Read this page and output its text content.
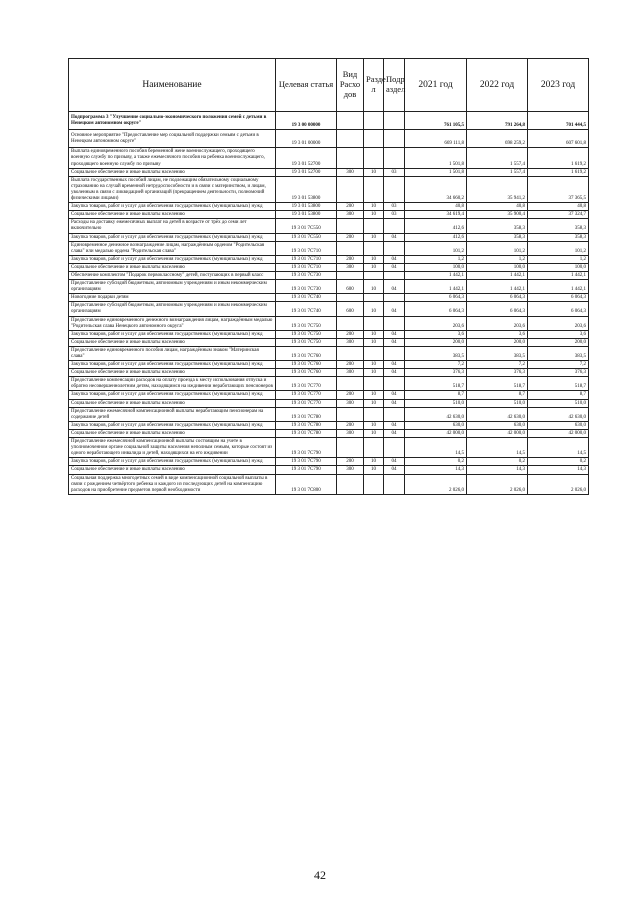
Наименование	Целевая статья	Вид Расхо дов	Разде л	Подр аздел	2021 год	2022 год	2023 год
Подпрограмма 3 "Улучшение социально-экономического положения семей с детьми в Ненецком автономном округе"	19 3 00 00000				761 105,5	791 264,8	701 444,5
Основное мероприятие "Предоставление мер социальной поддержки семьям с детьми в Ненецком автономном округе"	19 3 01 00000				669 111,8	698 259,2	607 601,8
Выплата единовременного пособия беременной жене военнослужащего, проходящего военную службу по призыву, а также ежемесячного пособия на ребенка военнослужащего, проходящего военную службу по призыву	19 3 01 52700				1 501,8	1 557,4	1 619,2
Социальное обеспечение и иные выплаты населению	19 3 01 52700	300	10	03	1 501,8	1 557,4	1 619,2
Выплата государственных пособий лицам, не подлежащим обязательному социальному страхованию на случай временной нетрудоспособности и в связи с материнством, и лицам, уволенным в связи с ликвидацией организаций (прекращением деятельности, полномочий физическими лицами)	19 3 01 53800				34 660,2	35 941,2	37 365,5
Закупка товаров, работ и услуг для обеспечения государственных (муниципальных) нужд	19 3 01 53800	200	10	03	40,8	40,8	40,8
Социальное обеспечение и иные выплаты населению	19 3 01 53800	300	10	03	34 619,4	35 900,4	37 324,7
Расходы на доставку ежемесячных выплат на детей в возрасте от трёх до семи лет включительно	19 3 01 7С550				412,6	358,3	358,3
Закупка товаров, работ и услуг для обеспечения государственных (муниципальных) нужд	19 3 01 7С550	200	10	04	412,6	358,3	358,3
Единовременное денежное вознаграждение лицам, награждённым орденом "Родительская слава" или медалью ордена "Родительская слава"	19 3 01 7С710				101,2	101,2	101,2
Закупка товаров, работ и услуг для обеспечения государственных (муниципальных) нужд	19 3 01 7С710	200	10	04	1,2	1,2	1,2
Социальное обеспечение и иные выплаты населению	19 3 01 7С710	300	10	04	100,0	100,0	100,0
Обеспечение комплектом "Подарок первоклассному" детей, поступающих в первый класс	19 3 01 7С730				1 442,1	1 442,1	1 442,1
Предоставление субсидий бюджетным, автономным учреждениям и иным некоммерческим организациям	19 3 01 7С730	600	10	04	1 442,1	1 442,1	1 442,1
Новогодние подарки детям	19 3 01 7С740				6 064,3	6 064,3	6 064,3
Предоставление субсидий бюджетным, автономным учреждениям и иным некоммерческим организациям	19 3 01 7С740	600	10	04	6 064,3	6 064,3	6 064,3
Предоставление единовременного денежного вознаграждения лицам, награждённым медалью "Родительская слава Ненецкого автономного округа"	19 3 01 7С750				203,6	203,6	203,6
Закупка товаров, работ и услуг для обеспечения государственных (муниципальных) нужд	19 3 01 7С750	200	10	04	3,6	3,6	3,6
Социальное обеспечение и иные выплаты населению	19 3 01 7С750	300	10	04	200,0	200,0	200,0
Предоставление единовременного пособия лицам, награждённым знаком "Материнская слава"	19 3 01 7С760				383,5	383,5	383,5
Закупка товаров, работ и услуг для обеспечения государственных (муниципальных) нужд	19 3 01 7С760	200	10	04	7,2	7,2	7,2
Социальное обеспечение и иные выплаты населению	19 3 01 7С760	300	10	04	376,3	376,3	376,3
Предоставление компенсации расходов на оплату проезда к месту использования отпуска и обратно несовершеннолетним детям, находящимся на иждивении неработающих пенсионеров	19 3 01 7С770				518,7	518,7	518,7
Закупка товаров, работ и услуг для обеспечения государственных (муниципальных) нужд	19 3 01 7С770	200	10	04	8,7	8,7	8,7
Социальное обеспечение и иные выплаты населению	19 3 01 7С770	300	10	04	510,0	510,0	510,0
Предоставление ежемесячной компенсационной выплаты неработающим пенсионерам на содержание детей	19 3 01 7С780				42 630,0	42 630,0	42 630,0
Закупка товаров, работ и услуг для обеспечения государственных (муниципальных) нужд	19 3 01 7С780	200	10	04	630,0	630,0	630,0
Социальное обеспечение и иные выплаты населению	19 3 01 7С780	300	10	04	42 000,0	42 000,0	42 000,0
Предоставление ежемесячной компенсационной выплаты состоящим на учете в уполномоченном органе социальной защиты населения неполным семьям, которые состоят из одного неработающего инвалида и детей, находящихся на его иждивении	19 3 01 7С790				14,5	14,5	14,5
Закупка товаров, работ и услуг для обеспечения государственных (муниципальных) нужд	19 3 01 7С790	200	10	04	0,2	0,2	0,2
Социальное обеспечение и иные выплаты населению	19 3 01 7С790	300	10	04	14,3	14,3	14,3
Социальная поддержка многодетных семей в виде компенсационной социальной выплаты в связи с рождением четвёртого ребенка и каждого из последующих детей на компенсацию расходов на приобретение предметов первой необходимости	19 3 01 7С800				2 026,0	2 026,0	2 026,0
42
